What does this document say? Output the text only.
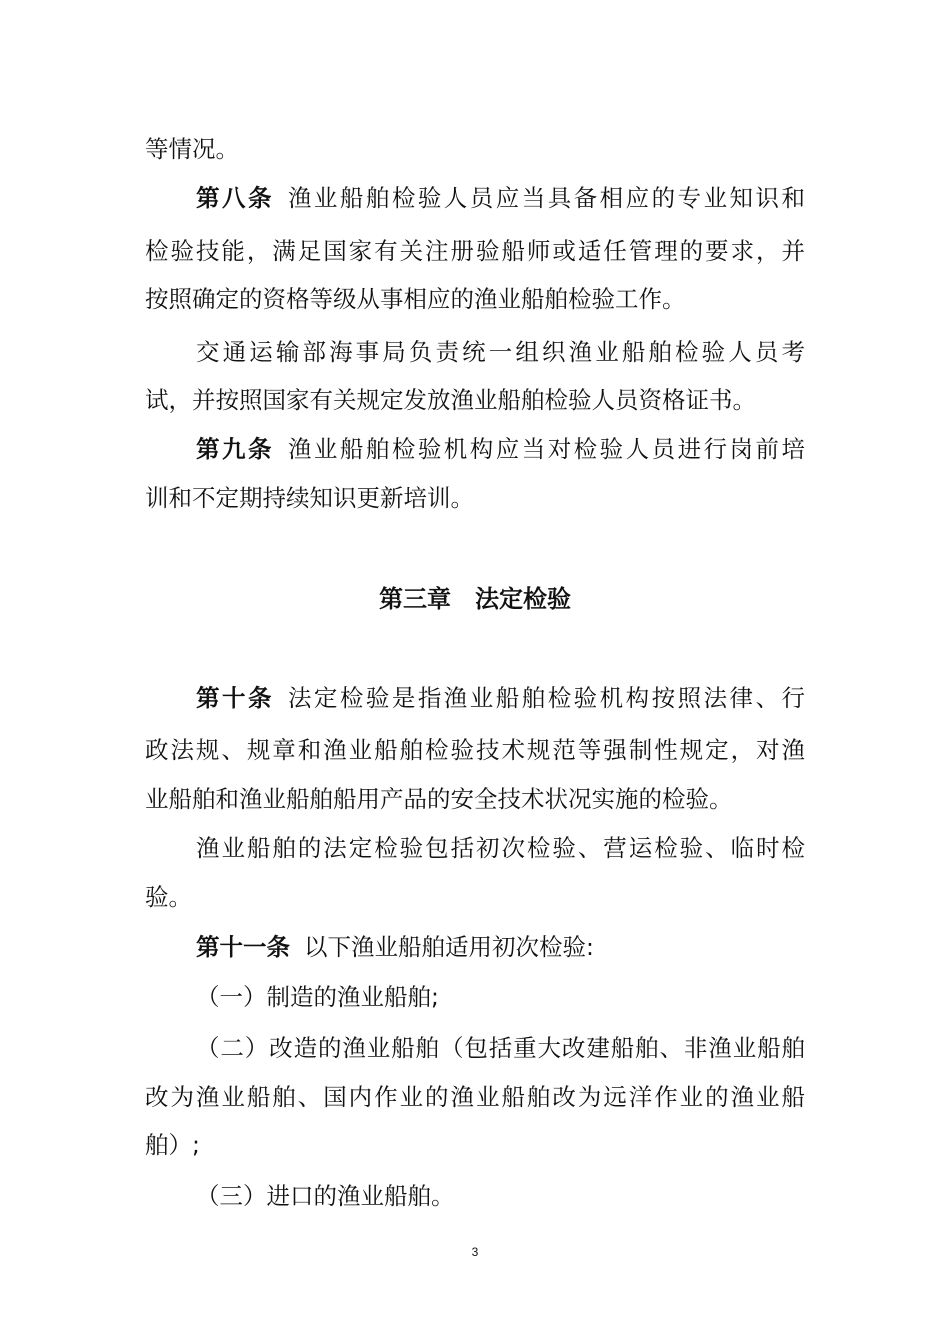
等情况。
第八条 渔业船舶检验人员应当具备相应的专业知识和
检验技能，满足国家有关注册验船师或适任管理的要求，并
按照确定的资格等级从事相应的渔业船舶检验工作。
交通运输部海事局负责统一组织渔业船舶检验人员考
试，并按照国家有关规定发放渔业船舶检验人员资格证书。
第九条 渔业船舶检验机构应当对检验人员进行岗前培
训和不定期持续知识更新培训。
第三章 法定检验
第十条 法定检验是指渔业船舶检验机构按照法律、行
政法规、规章和渔业船舶检验技术规范等强制性规定，对渔
业船舶和渔业船舶船用产品的安全技术状况实施的检验。
渔业船舶的法定检验包括初次检验、营运检验、临时检
验。
第十一条 以下渔业船舶适用初次检验:
（一）制造的渔业船舶;
（二）改造的渔业船舶（包括重大改建船舶、非渔业船舶
改为渔业船舶、国内作业的渔业船舶改为远洋作业的渔业船
舶）;
（三）进口的渔业船舶。
3
